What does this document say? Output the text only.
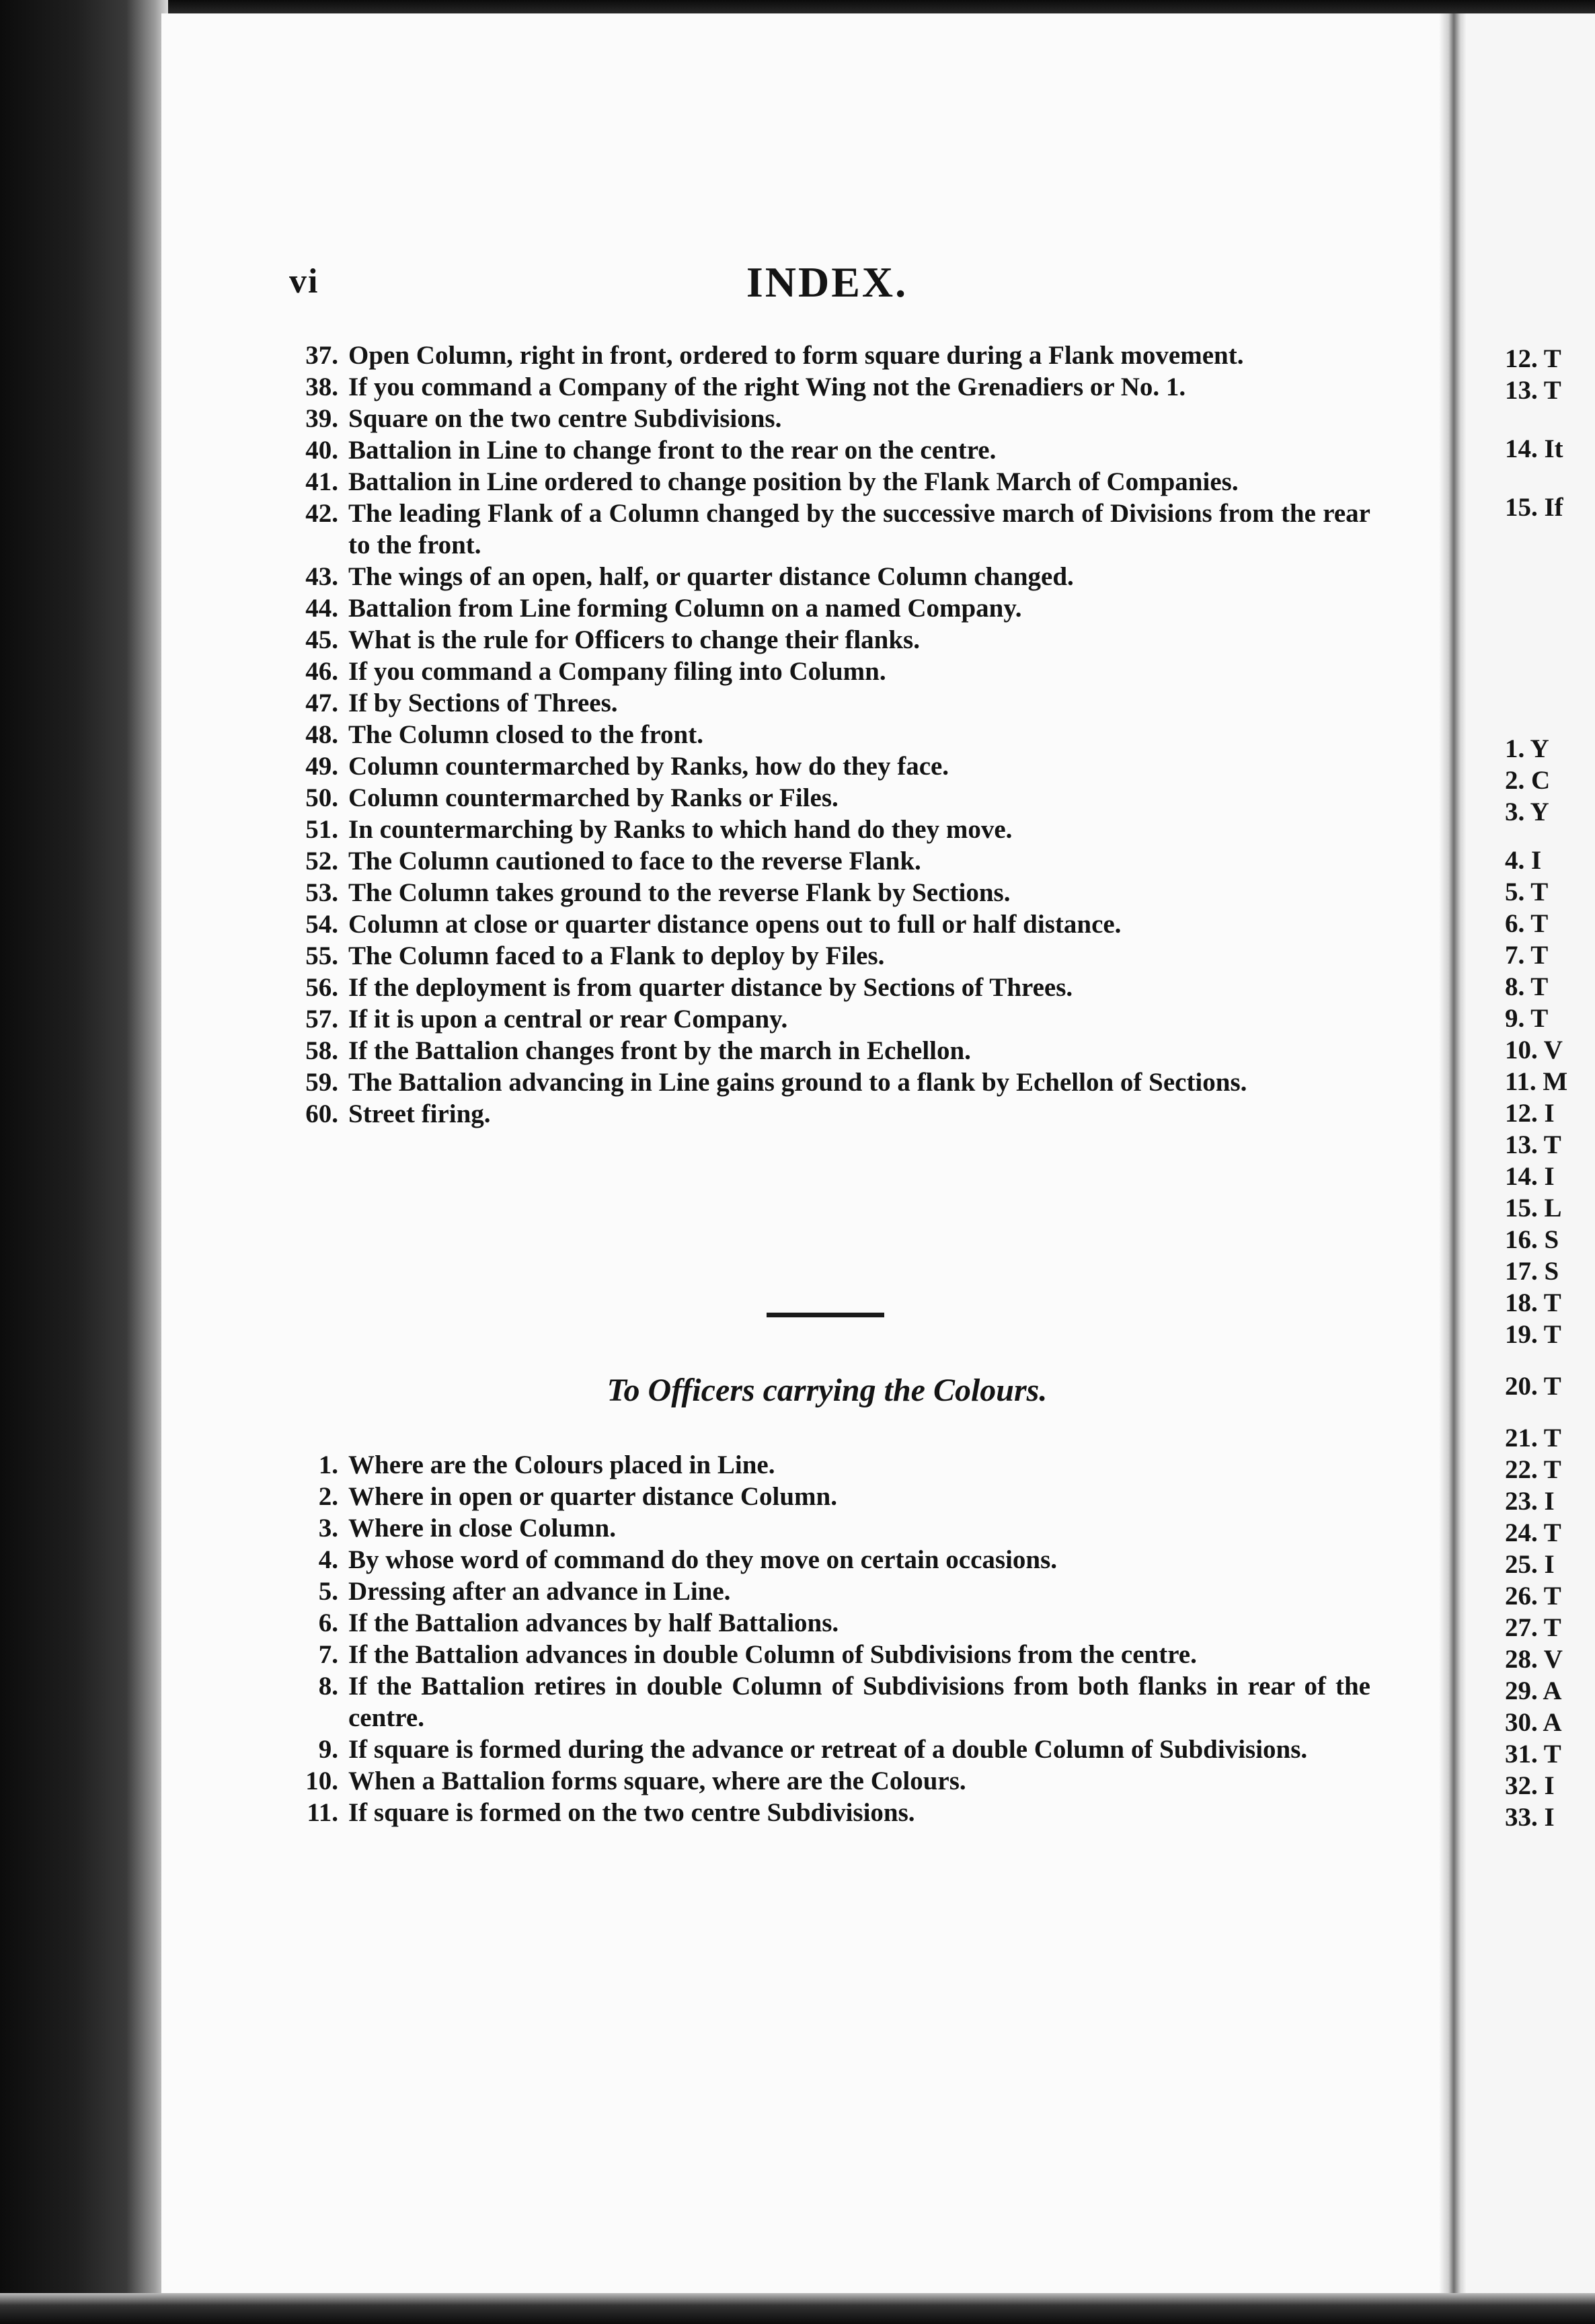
vi	INDEX.
37. Open Column, right in front, ordered to form square during a Flank movement.
38. If you command a Company of the right Wing not the Grenadiers or No. 1.
39. Square on the two centre Subdivisions.
40. Battalion in Line to change front to the rear on the centre.
41. Battalion in Line ordered to change position by the Flank March of Companies.
42. The leading Flank of a Column changed by the successive march of Divisions from the rear to the front.
43. The wings of an open, half, or quarter distance Column changed.
44. Battalion from Line forming Column on a named Company.
45. What is the rule for Officers to change their flanks.
46. If you command a Company filing into Column.
47. If by Sections of Threes.
48. The Column closed to the front.
49. Column countermarched by Ranks, how do they face.
50. Column countermarched by Ranks or Files.
51. In countermarching by Ranks to which hand do they move.
52. The Column cautioned to face to the reverse Flank.
53. The Column takes ground to the reverse Flank by Sections.
54. Column at close or quarter distance opens out to full or half distance.
55. The Column faced to a Flank to deploy by Files.
56. If the deployment is from quarter distance by Sections of Threes.
57. If it is upon a central or rear Company.
58. If the Battalion changes front by the march in Echellon.
59. The Battalion advancing in Line gains ground to a flank by Echellon of Sections.
60. Street firing.
To Officers carrying the Colours.
1. Where are the Colours placed in Line.
2. Where in open or quarter distance Column.
3. Where in close Column.
4. By whose word of command do they move on certain occasions.
5. Dressing after an advance in Line.
6. If the Battalion advances by half Battalions.
7. If the Battalion advances in double Column of Subdivisions from the centre.
8. If the Battalion retires in double Column of Subdivisions from both flanks in rear of the centre.
9. If square is formed during the advance or retreat of a double Column of Subdivisions.
10. When a Battalion forms square, where are the Colours.
11. If square is formed on the two centre Subdivisions.
12. T
13. T
14. It
15. If
1. Y
2. C
3. Y
4. I
5. T
6. T
7. T
8. T
9. T
10. V
11. M
12. I
13. T
14. I
15. L
16. S
17. S
18. T
19. T
20. T
21. T
22. T
23. I
24. T
25. I
26. T
27. T
28. V
29. A
30. A
31. T
32. I
33. I
